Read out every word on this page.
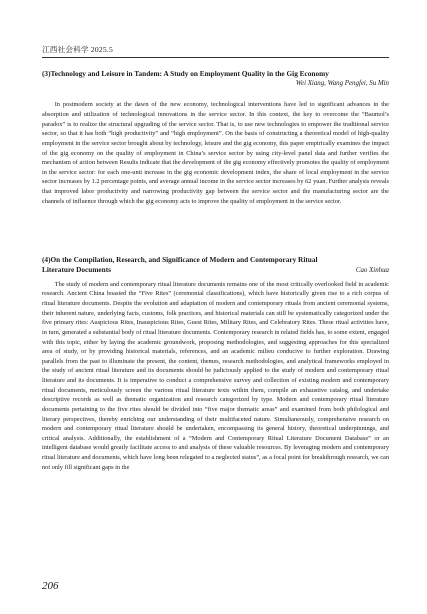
江西社会科学 2025.5

(3)Technology and Leisure in Tandem: A Study on Employment Quality in the Gig Economy

Wei Xiang, Wang Pengfei, Su Min

In postmodern society at the dawn of the new economy, technological interventions have led to significant advances in the absorption and utilization of technological innovations in the service sector. In this context, the key to overcome the “Baumol’s paradox” is to realize the structural upgrading of the service sector. That is, to use new technologies to empower the traditional service sector, so that it has both “high productivity” and “high employment”. On the basis of constructing a theoretical model of high-quality employment in the service sector brought about by technology, leisure and the gig economy, this paper empirically examines the impact of the gig economy on the quality of employment in China’s service sector by using city-level panel data and further verifies the mechanism of action between Results indicate that the development of the gig economy effectively promotes the quality of employment in the service sector: for each one-unit increase in the gig economic development index, the share of local employment in the service sector increases by 1.2 percentage points, and average annual income in the service sector increases by 62 yuan. Further analysis reveals that improved labor productivity and narrowing productivity gap between the service sector and the manufacturing sector are the channels of influence through which the gig economy acts to improve the quality of employment in the service sector.

(4)On the Compilation, Research, and Significance of Modern and Contemporary Ritual Literature Documents	Cao Xinhua

The study of modern and contemporary ritual literature documents remains one of the most critically overlooked field in academic research. Ancient China boasted the “Five Rites” (ceremonial classifications), which have historically given rise to a rich corpus of ritual literature documents. Despite the evolution and adaptation of modern and contemporary rituals from ancient ceremonial systems, their inherent nature, underlying facts, customs, folk practices, and historical materials can still be systematically categorized under the five primary rites: Auspicious Rites, Inauspicious Rites, Guest Rites, Military Rites, and Celebratory Rites. These ritual activities have, in turn, generated a substantial body of ritual literature documents. Contemporary research in related fields has, to some extent, engaged with this topic, either by laying the academic groundwork, proposing methodologies, and suggesting approaches for this specialized area of study, or by providing historical materials, references, and an academic milieu conducive to further exploration. Drawing parallels from the past to illuminate the present, the content, themes, research methodologies, and analytical frameworks employed in the study of ancient ritual literature and its documents should be judiciously applied to the study of modern and contemporary ritual literature and its documents. It is imperative to conduct a comprehensive survey and collection of existing modern and contemporary ritual documents, meticulously screen the various ritual literature texts within them, compile an exhaustive catalog, and undertake descriptive records as well as thematic organization and research categorized by type. Modern and contemporary ritual literature documents pertaining to the five rites should be divided into “five major thematic areas” and examined from both philological and literary perspectives, thereby enriching our understanding of their multifaceted nature. Simultaneously, comprehensive research on modern and contemporary ritual literature should be undertaken, encompassing its general history, theoretical underpinnings, and critical analysis. Additionally, the establishment of a “Modern and Contemporary Ritual Literature Document Database” or an intelligent database would greatly facilitate access to and analysis of these valuable resources. By leveraging modern and contemporary ritual literature and documents, which have long been relegated to a neglected status”, as a focal point for breakthrough research, we can not only fill significant gaps in the

206
